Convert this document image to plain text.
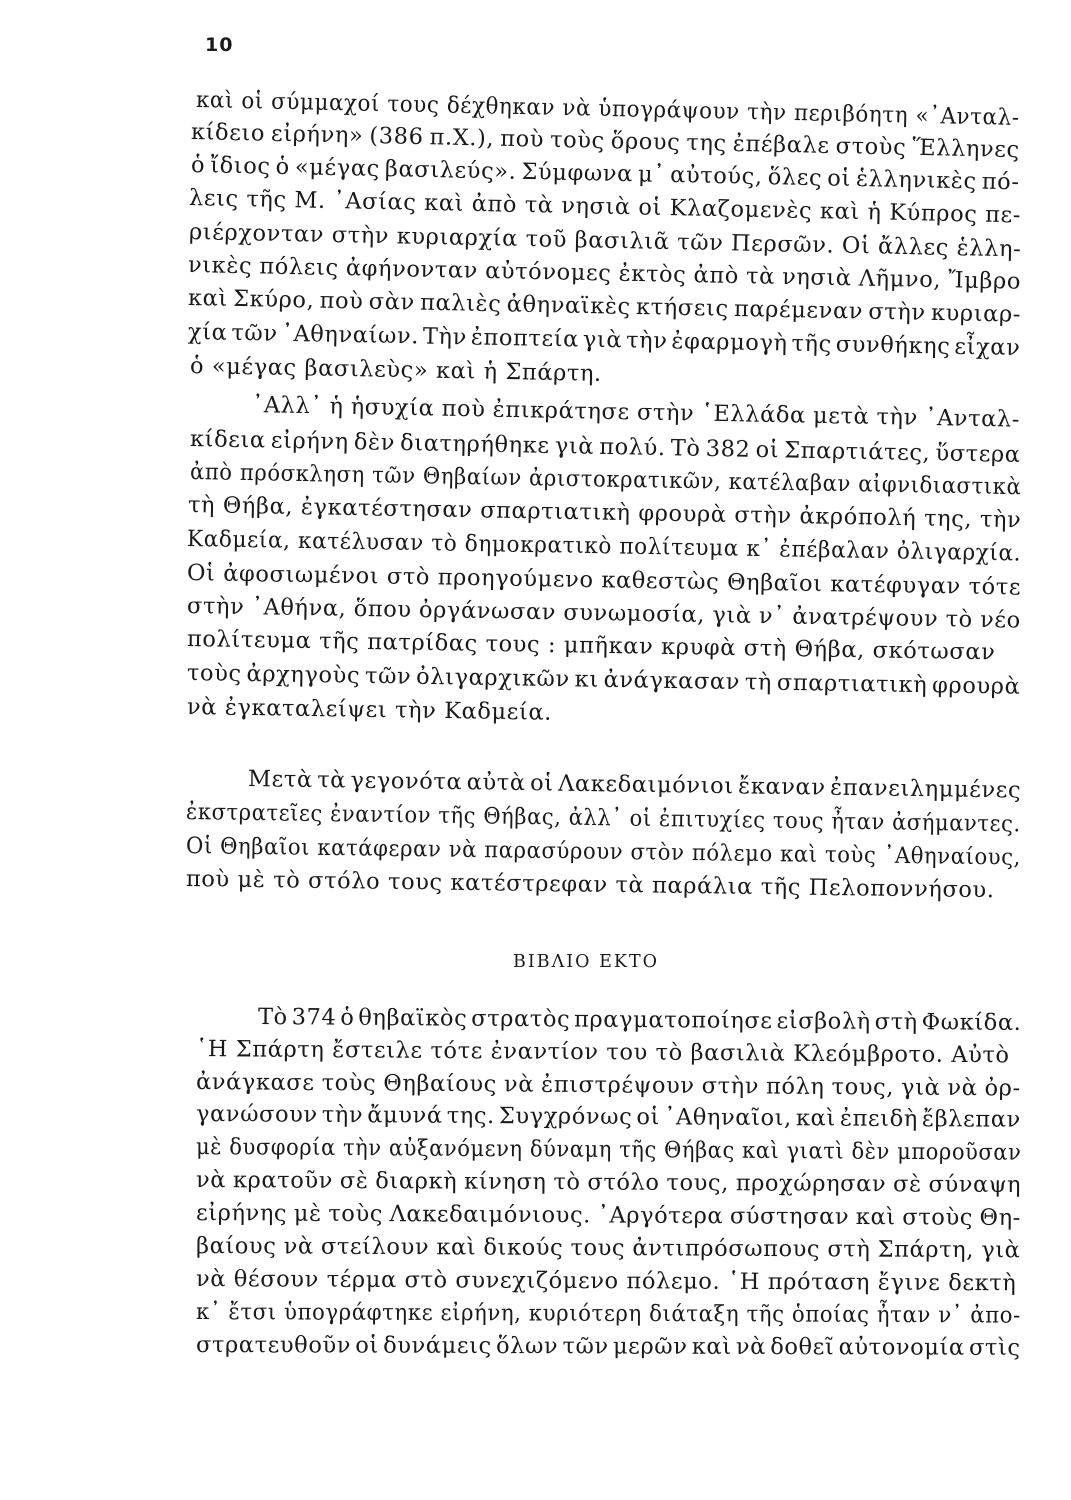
10
καὶ οἱ σύμμαχοί τους δέχθηκαν νὰ ὑπογράψουν τὴν περιβόητη «᾿Ανταλ-
κίδειο εἰρήνη» (386 π.Χ.), ποὺ τοὺς ὅρους της ἐπέβαλε στοὺς Ἕλληνες
ὁ ἴδιος ὁ «μέγας βασιλεύς». Σύμφωνα μ᾿ αὐτούς, ὅλες οἱ ἑλληνικὲς πό-
λεις τῆς Μ. ᾿Ασίας καὶ ἀπὸ τὰ νησιὰ οἱ Κλαζομενὲς καὶ ἡ Κύπρος πε-
ριέρχονταν στὴν κυριαρχία τοῦ βασιλιᾶ τῶν Περσῶν. Οἱ ἄλλες ἑλλη-
νικὲς πόλεις ἀφήνονταν αὐτόνομες ἐκτὸς ἀπὸ τὰ νησιὰ Λῆμνο, Ἴμβρο
καὶ Σκύρο, ποὺ σὰν παλιὲς ἀθηναϊκὲς κτήσεις παρέμεναν στὴν κυριαρ-
χία τῶν ᾿Αθηναίων. Τὴν ἐποπτεία γιὰ τὴν ἐφαρμογὴ τῆς συνθήκης εἶχαν
ὁ «μέγας βασιλεὺς» καὶ ἡ Σπάρτη.
᾿Αλλ᾿ ἡ ἡσυχία ποὺ ἐπικράτησε στὴν ῾Ελλάδα μετὰ τὴν ᾿Ανταλ-
κίδεια εἰρήνη δὲν διατηρήθηκε γιὰ πολύ. Τὸ 382 οἱ Σπαρτιάτες, ὕστερα
ἀπὸ πρόσκληση τῶν Θηβαίων ἀριστοκρατικῶν, κατέλαβαν αἰφνιδιαστικὰ
τὴ Θήβα, ἐγκατέστησαν σπαρτιατικὴ φρουρὰ στὴν ἀκρόπολή της, τὴν
Καδμεία, κατέλυσαν τὸ δημοκρατικὸ πολίτευμα κ᾿ ἐπέβαλαν ὀλιγαρχία.
Οἱ ἀφοσιωμένοι στὸ προηγούμενο καθεστὼς Θηβαῖοι κατέφυγαν τότε
στὴν ᾿Αθήνα, ὅπου ὀργάνωσαν συνωμοσία, γιὰ ν᾿ ἀνατρέψουν τὸ νέο
πολίτευμα τῆς πατρίδας τους : μπῆκαν κρυφὰ στὴ Θήβα, σκότωσαν
τοὺς ἀρχηγοὺς τῶν ὀλιγαρχικῶν κι ἀνάγκασαν τὴ σπαρτιατικὴ φρουρὰ
νὰ ἐγκαταλείψει τὴν Καδμεία.
Μετὰ τὰ γεγονότα αὐτὰ οἱ Λακεδαιμόνιοι ἔκαναν ἐπανειλημμένες
ἐκστρατεῖες ἐναντίον τῆς Θήβας, ἀλλ᾿ οἱ ἐπιτυχίες τους ἦταν ἀσήμαντες.
Οἱ Θηβαῖοι κατάφεραν νὰ παρασύρουν στὸν πόλεμο καὶ τοὺς ᾿Αθηναίους,
ποὺ μὲ τὸ στόλο τους κατέστρεφαν τὰ παράλια τῆς Πελοποννήσου.
ΒΙΒΛΙΟ ΕΚΤΟ
Τὸ 374 ὁ θηβαϊκὸς στρατὸς πραγματοποίησε εἰσβολὴ στὴ Φωκίδα.
῾Η Σπάρτη ἔστειλε τότε ἐναντίον του τὸ βασιλιὰ Κλεόμβροτο. Αὐτὸ
ἀνάγκασε τοὺς Θηβαίους νὰ ἐπιστρέψουν στὴν πόλη τους, γιὰ νὰ ὀρ-
γανώσουν τὴν ἄμυνά της. Συγχρόνως οἱ ᾿Αθηναῖοι, καὶ ἐπειδὴ ἔβλεπαν
μὲ δυσφορία τὴν αὐξανόμενη δύναμη τῆς Θήβας καὶ γιατὶ δὲν μποροῦσαν
νὰ κρατοῦν σὲ διαρκὴ κίνηση τὸ στόλο τους, προχώρησαν σὲ σύναψη
εἰρήνης μὲ τοὺς Λακεδαιμόνιους. ᾿Αργότερα σύστησαν καὶ στοὺς Θη-
βαίους νὰ στείλουν καὶ δικούς τους ἀντιπρόσωπους στὴ Σπάρτη, γιὰ
νὰ θέσουν τέρμα στὸ συνεχιζόμενο πόλεμο. ῾Η πρόταση ἔγινε δεκτὴ
κ᾿ ἔτσι ὑπογράφτηκε εἰρήνη, κυριότερη διάταξη τῆς ὁποίας ἦταν ν᾿ ἀπο-
στρατευθοῦν οἱ δυνάμεις ὅλων τῶν μερῶν καὶ νὰ δοθεῖ αὐτονομία στὶς
